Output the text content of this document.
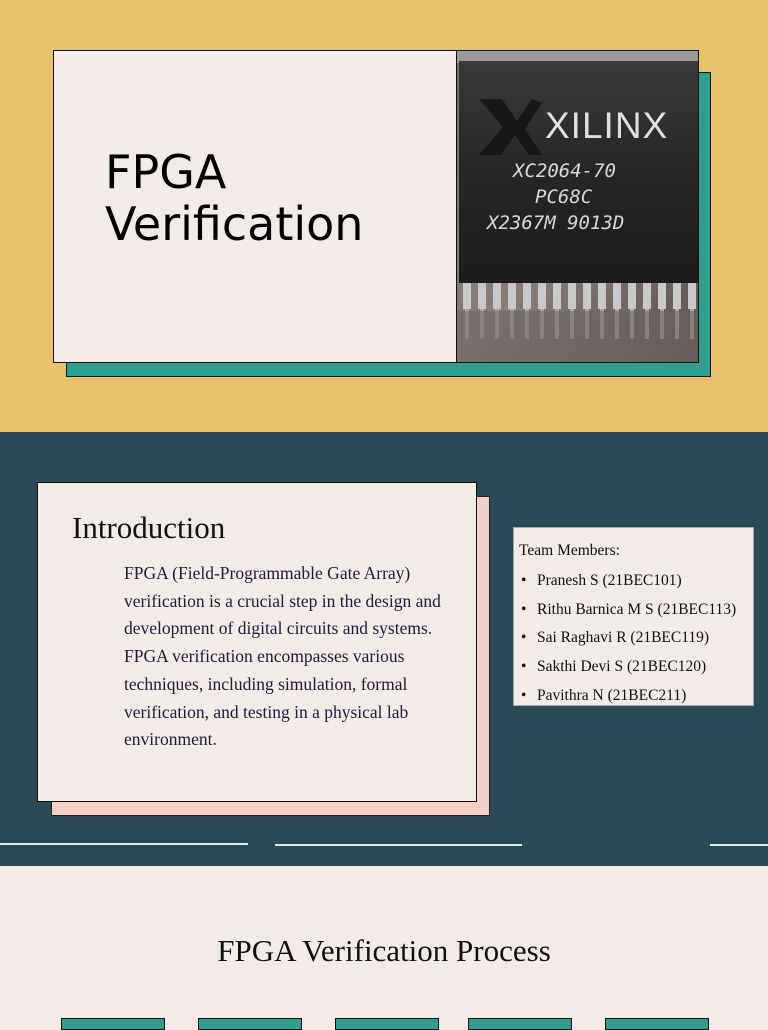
FPGA Verification
XILINX
XC2064-70
PC68C
X2367M 9013D
Introduction

FPGA (Field-Programmable Gate Array) verification is a crucial step in the design and development of digital circuits and systems. FPGA verification encompasses various techniques, including simulation, formal verification, and testing in a physical lab environment.

Team Members:

• Pranesh S (21BEC101)
• Rithu Barnica M S (21BEC113)
• Sai Raghavi R (21BEC119)
• Sakthi Devi S (21BEC120)
• Pavithra N (21BEC211)
FPGA Verification Process
